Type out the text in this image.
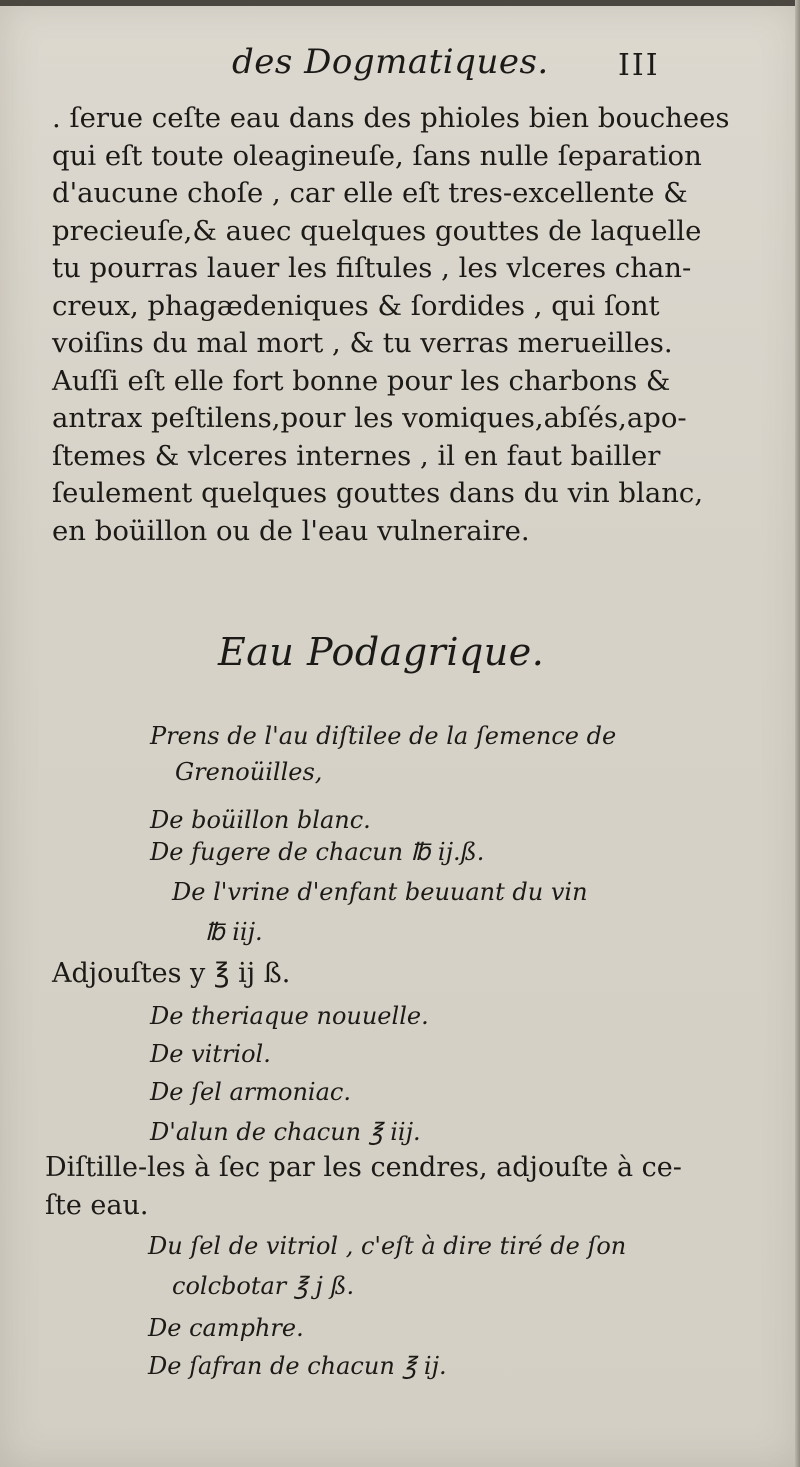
des Dogmatiques. III
. ſerue ceſte eau dans des phioles bien bouchees
qui eſt toute oleagineuſe, ſans nulle ſeparation
d'aucune choſe , car elle eſt tres-excellente &
precieuſe,& auec quelques gouttes de laquelle
tu pourras lauer les fiſtules , les vlceres chan-
creux, phagædeniques & ſordides , qui ſont
voiſins du mal mort , & tu verras merueilles.
Auſſi eſt elle fort bonne pour les charbons &
antrax peſtilens,pour les vomiques,abſés,apo-
ſtemes & vlceres internes , il en faut bailler
ſeulement quelques gouttes dans du vin blanc,
en boüillon ou de l'eau vulneraire.
Eau Podagrique.
Prens de l'au diſtilee de la ſemence de
Grenoüilles,
De boüillon blanc.
De fugere de chacun ℔ ij.ß.
De l'vrine d'enfant beuuant du vin
℔ iij.
Adjouſtes y ℥ ij ß.
De theriaque nouuelle.
De vitriol.
De ſel armoniac.
D'alun de chacun ℥ iij.
Diſtille-les à ſec par les cendres, adjouſte à ce-
ſte eau.
Du ſel de vitriol , c'eſt à dire tiré de ſon
colcbotar ℥ j ß.
De camphre.
De ſafran de chacun ℥ ij.
